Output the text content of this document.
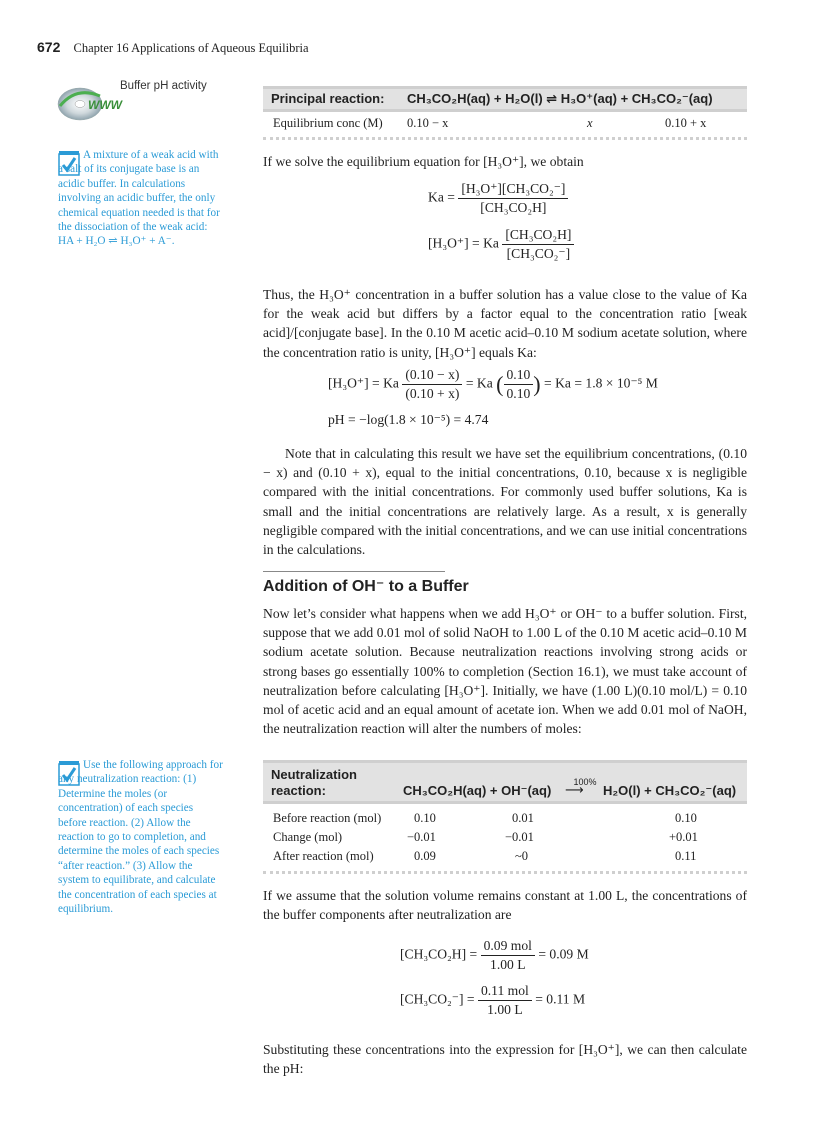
672 Chapter 16 Applications of Aqueous Equilibria
WWW
Buffer pH activity
Principal reaction: CH₃CO₂H(aq) + H₂O(l) ⇌ H₃O⁺(aq) + CH₃CO₂⁻(aq)
Equilibrium conc (M) 0.10 − x	x	0.10 + x
A mixture of a weak acid with a salt of its conjugate base is an acidic buffer. In calculations involving an acidic buffer, the only chemical equation needed is that for the dissociation of the weak acid: HA + H₂O ⇌ H₃O⁺ + A⁻.
If we solve the equilibrium equation for [H₃O⁺], we obtain
$Ka = \frac{\text{[H₃O⁺][CH₃CO₂⁻]}}{\text{[CH₃CO₂H]}}$
[H₃O⁺] = Ka $\frac{\text{[CH₃CO₂H]}}{\text{[CH₃CO₂⁻]}}$
Thus, the H₃O⁺ concentration in a buffer solution has a value close to the value of Ka for the weak acid but differs by a factor equal to the concentration ratio [weak acid]/[conjugate base]. In the 0.10 M acetic acid–0.10 M sodium acetate solution, where the concentration ratio is unity, [H₃O⁺] equals Ka:
[H₃O⁺] = Ka $\frac{(0.10 - x)}{(0.10 + x)} = Ka$ ( $\frac{0.10}{0.10}$ ) = Ka = 1.8 × 10⁻⁵ M
pH = −log(1.8 × 10⁻⁵) = 4.74
Note that in calculating this result we have set the equilibrium concentrations, (0.10 − x) and (0.10 + x), equal to the initial concentrations, 0.10, because x is negligible compared with the initial concentrations. For commonly used buffer solutions, Ka is small and the initial concentrations are relatively large. As a result, x is generally negligible compared with the initial concentrations, and we can use initial concentrations in the calculations.
Addition of OH⁻ to a Buffer
Now let’s consider what happens when we add H₃O⁺ or OH⁻ to a buffer solution. First, suppose that we add 0.01 mol of solid NaOH to 1.00 L of the 0.10 M acetic acid–0.10 M sodium acetate solution. Because neutralization reactions involving strong acids or strong bases go essentially 100% to completion (Section 16.1), we must take account of neutralization before calculating [H₃O⁺]. Initially, we have (1.00 L)(0.10 mol/L) = 0.10 mol of acetic acid and an equal amount of acetate ion. When we add 0.01 mol of NaOH, the neutralization reaction will alter the numbers of moles:
Use the following approach for any neutralization reaction: (1) Determine the moles (or concentration) of each species before reaction. (2) Allow the reaction to go to completion, and determine the moles of each species “after reaction.” (3) Allow the system to equilibrate, and calculate the concentration of each species at equilibrium.
Neutralization
reaction:	CH₃CO₂H(aq) + OH⁻(aq)
100%
⟶ H₂O(l) + CH₃CO₂⁻(aq)
Before reaction (mol)	0.10	0.01	0.10
Change (mol)	−0.01	−0.01	+0.01
After reaction (mol)	0.09	~0	0.11
If we assume that the solution volume remains constant at 1.00 L, the concentrations of the buffer components after neutralization are
$[CH_3CO_2H] = \frac{\text{0.09 mol}}{1.00 L} = 0.09$ M
$[CH_3CO_2^-] = \frac{\text{0.11 mol}}{1.00 L} = 0.11$ M
Substituting these concentrations into the expression for [H₃O⁺], we can then calculate the pH:
